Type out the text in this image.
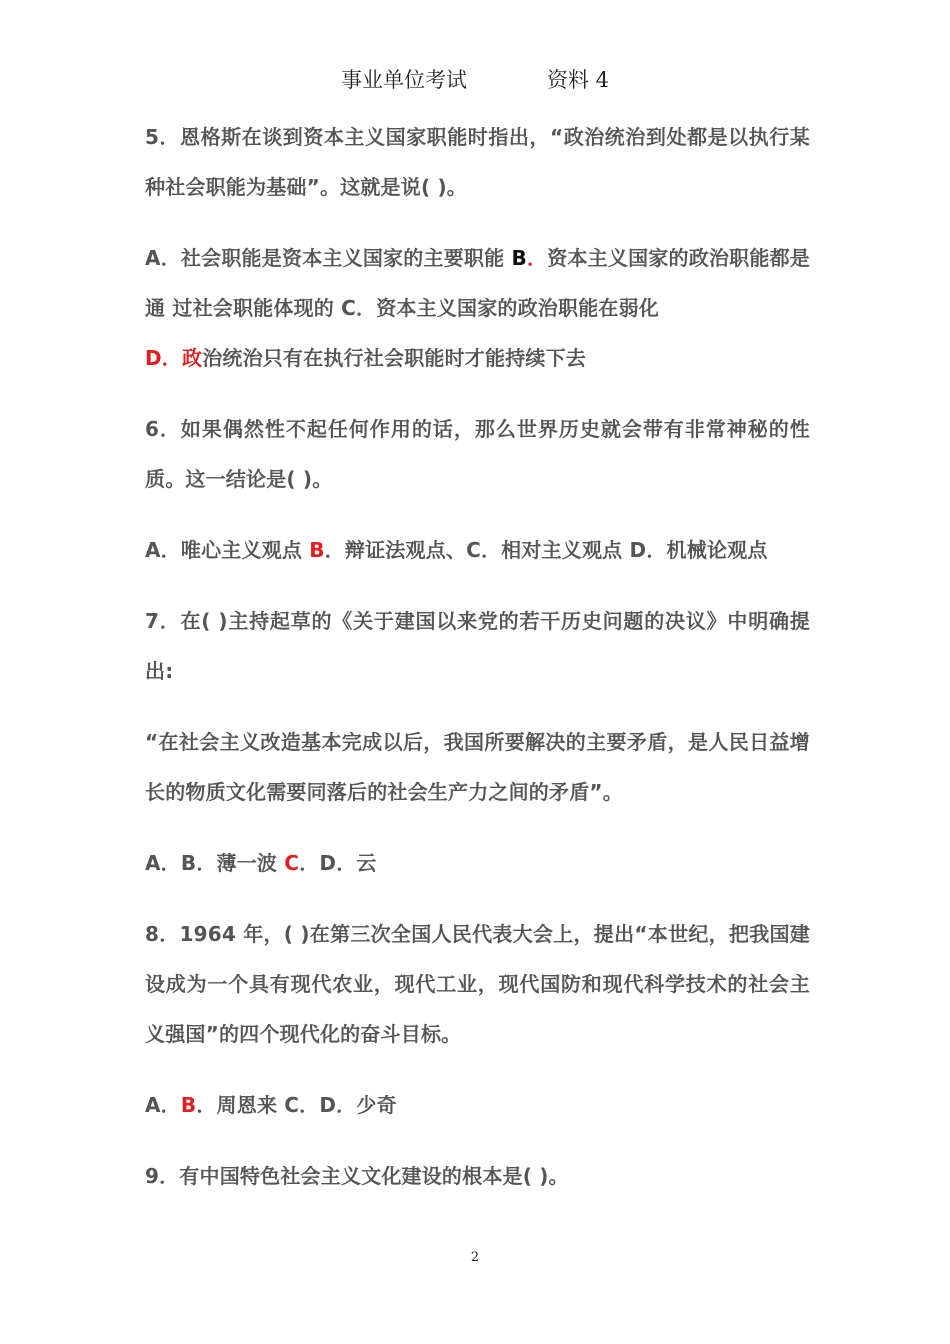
事业单位考试	资料 4

5．恩格斯在谈到资本主义国家职能时指出，“政治统治到处都是以执行某种社会职能为基础”。这就是说( )。

A．社会职能是资本主义国家的主要职能 B．资本主义国家的政治职能都是通 过社会职能体现的 C．资本主义国家的政治职能在弱化
D．政治统治只有在执行社会职能时才能持续下去

6．如果偶然性不起任何作用的话，那么世界历史就会带有非常神秘的性质。这一结论是( )。

A．唯心主义观点 B．辩证法观点、C．相对主义观点 D．机械论观点

7．在( )主持起草的《关于建国以来党的若干历史问题的决议》中明确提出:

“在社会主义改造基本完成以后，我国所要解决的主要矛盾，是人民日益增长的物质文化需要同落后的社会生产力之间的矛盾”。

A．B．薄一波 C．D．云

8．1964 年，( )在第三次全国人民代表大会上，提出“本世纪，把我国建设成为一个具有现代农业，现代工业，现代国防和现代科学技术的社会主义强国”的四个现代化的奋斗目标。

A．B．周恩来 C．D．少奇

9．有中国特色社会主义文化建设的根本是( )。

2
